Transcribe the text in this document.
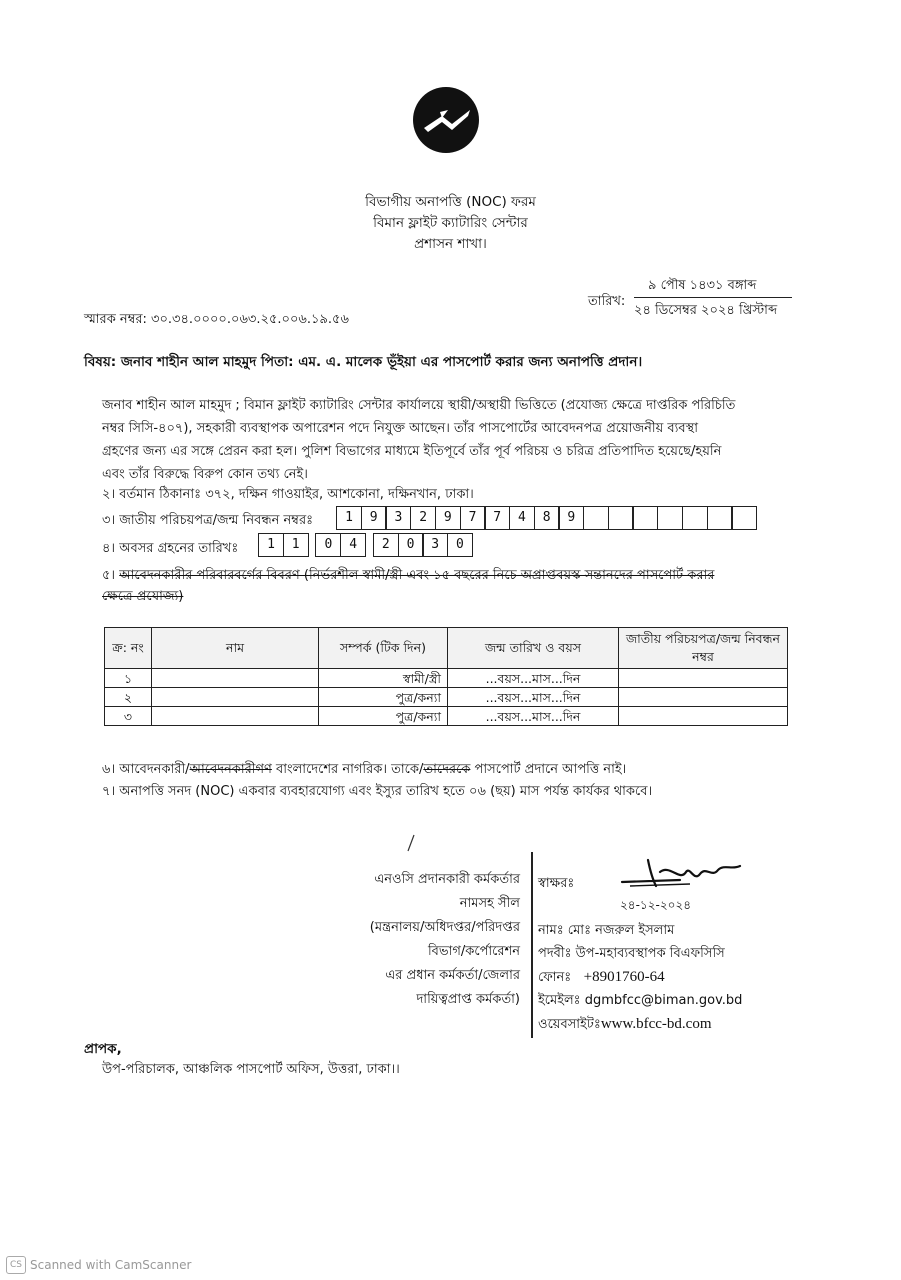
বিভাগীয় অনাপত্তি (NOC) ফরম
বিমান ফ্লাইট ক্যাটারিং সেন্টার
প্রশাসন শাখা।
৯ পৌষ ১৪৩১ বঙ্গাব্দ
তারিখ:
২৪ ডিসেম্বর ২০২৪ খ্রিস্টাব্দ
স্মারক নম্বর: ৩০.৩৪.০০০০.০৬৩.২৫.০০৬.১৯.৫৬
বিষয়: জনাব শাহীন আল মাহমুদ পিতা: এম. এ. মালেক ভূঁইয়া এর পাসপোর্ট করার জন্য অনাপত্তি প্রদান।
জনাব শাহীন আল মাহমুদ ; বিমান ফ্লাইট ক্যাটারিং সেন্টার কার্যালয়ে স্থায়ী/অস্থায়ী ভিত্তিতে (প্রযোজ্য ক্ষেত্রে দাপ্তরিক পরিচিতি
নম্বর সিসি-৪০৭), সহকারী ব্যবস্থাপক অপারেশন পদে নিযুক্ত আছেন। তাঁর পাসপোর্টের আবেদনপত্র প্রয়োজনীয় ব্যবস্থা
গ্রহণের জন্য এর সঙ্গে প্রেরন করা হল। পুলিশ বিভাগের মাধ্যমে ইতিপূর্বে তাঁর পূর্ব পরিচয় ও চরিত্র প্রতিপাদিত হয়েছে/হয়নি
এবং তাঁর বিরুদ্ধে বিরুপ কোন তথ্য নেই।
২। বর্তমান ঠিকানাঃ ৩৭২, দক্ষিন গাওয়াইর, আশকোনা, দক্ষিনখান, ঢাকা।
৩। জাতীয় পরিচয়পত্র/জন্ম নিবন্ধন নম্বরঃ	1	9	3	2	9	7	7	4	8	9
৪। অবসর গ্রহনের তারিখঃ	1	1	0	4	2	0	3	0
৫। আবেদনকারীর পরিবারবর্গের বিবরণ (নির্ভরশীল স্বামী/স্ত্রী এবং ১৫ বছরের নিচে অপ্রাপ্তবয়স্ক সন্তানদের পাসপোর্ট করার
ক্ষেত্রে প্রযোজ্য)
ক্র: নং	নাম	সম্পর্ক (টিক দিন)	জন্ম তারিখ ও বয়স	জাতীয় পরিচয়পত্র/জন্ম নিবন্ধন নম্বর
১		স্বামী/স্ত্রী	...বয়স...মাস...দিন	
২		পুত্র/কন্যা	...বয়স...মাস...দিন	
৩		পুত্র/কন্যা	...বয়স...মাস...দিন	
৬। আবেদনকারী/আবেদনকারীগণ বাংলাদেশের নাগরিক। তাকে/তাদেরকে পাসপোর্ট প্রদানে আপত্তি নাই।
৭। অনাপত্তি সনদ (NOC) একবার ব্যবহারযোগ্য এবং ইস্যুর তারিখ হতে ০৬ (ছয়) মাস পর্যন্ত কার্যকর থাকবে।
এনওসি প্রদানকারী কর্মকর্তার
নামসহ সীল
(মন্ত্রনালয়/অধিদপ্তর/পরিদপ্তর
বিভাগ/কর্পোরেশন
এর প্রধান কর্মকর্তা/জেলার
দায়িত্বপ্রাপ্ত কর্মকর্তা)
স্বাক্ষরঃ
নামঃ মোঃ নজরুল ইসলাম
পদবীঃ উপ-মহাব্যবস্থাপক বিএফসিসি
ফোনঃ +8901760-64
ইমেইলঃ dgmbfcc@biman.gov.bd
ওয়েবসাইটঃwww.bfcc-bd.com
২৪-১২-২০২৪
প্রাপক,
উপ-পরিচালক, আঞ্চলিক পাসপোর্ট অফিস, উত্তরা, ঢাকা।।
CS Scanned with CamScanner
